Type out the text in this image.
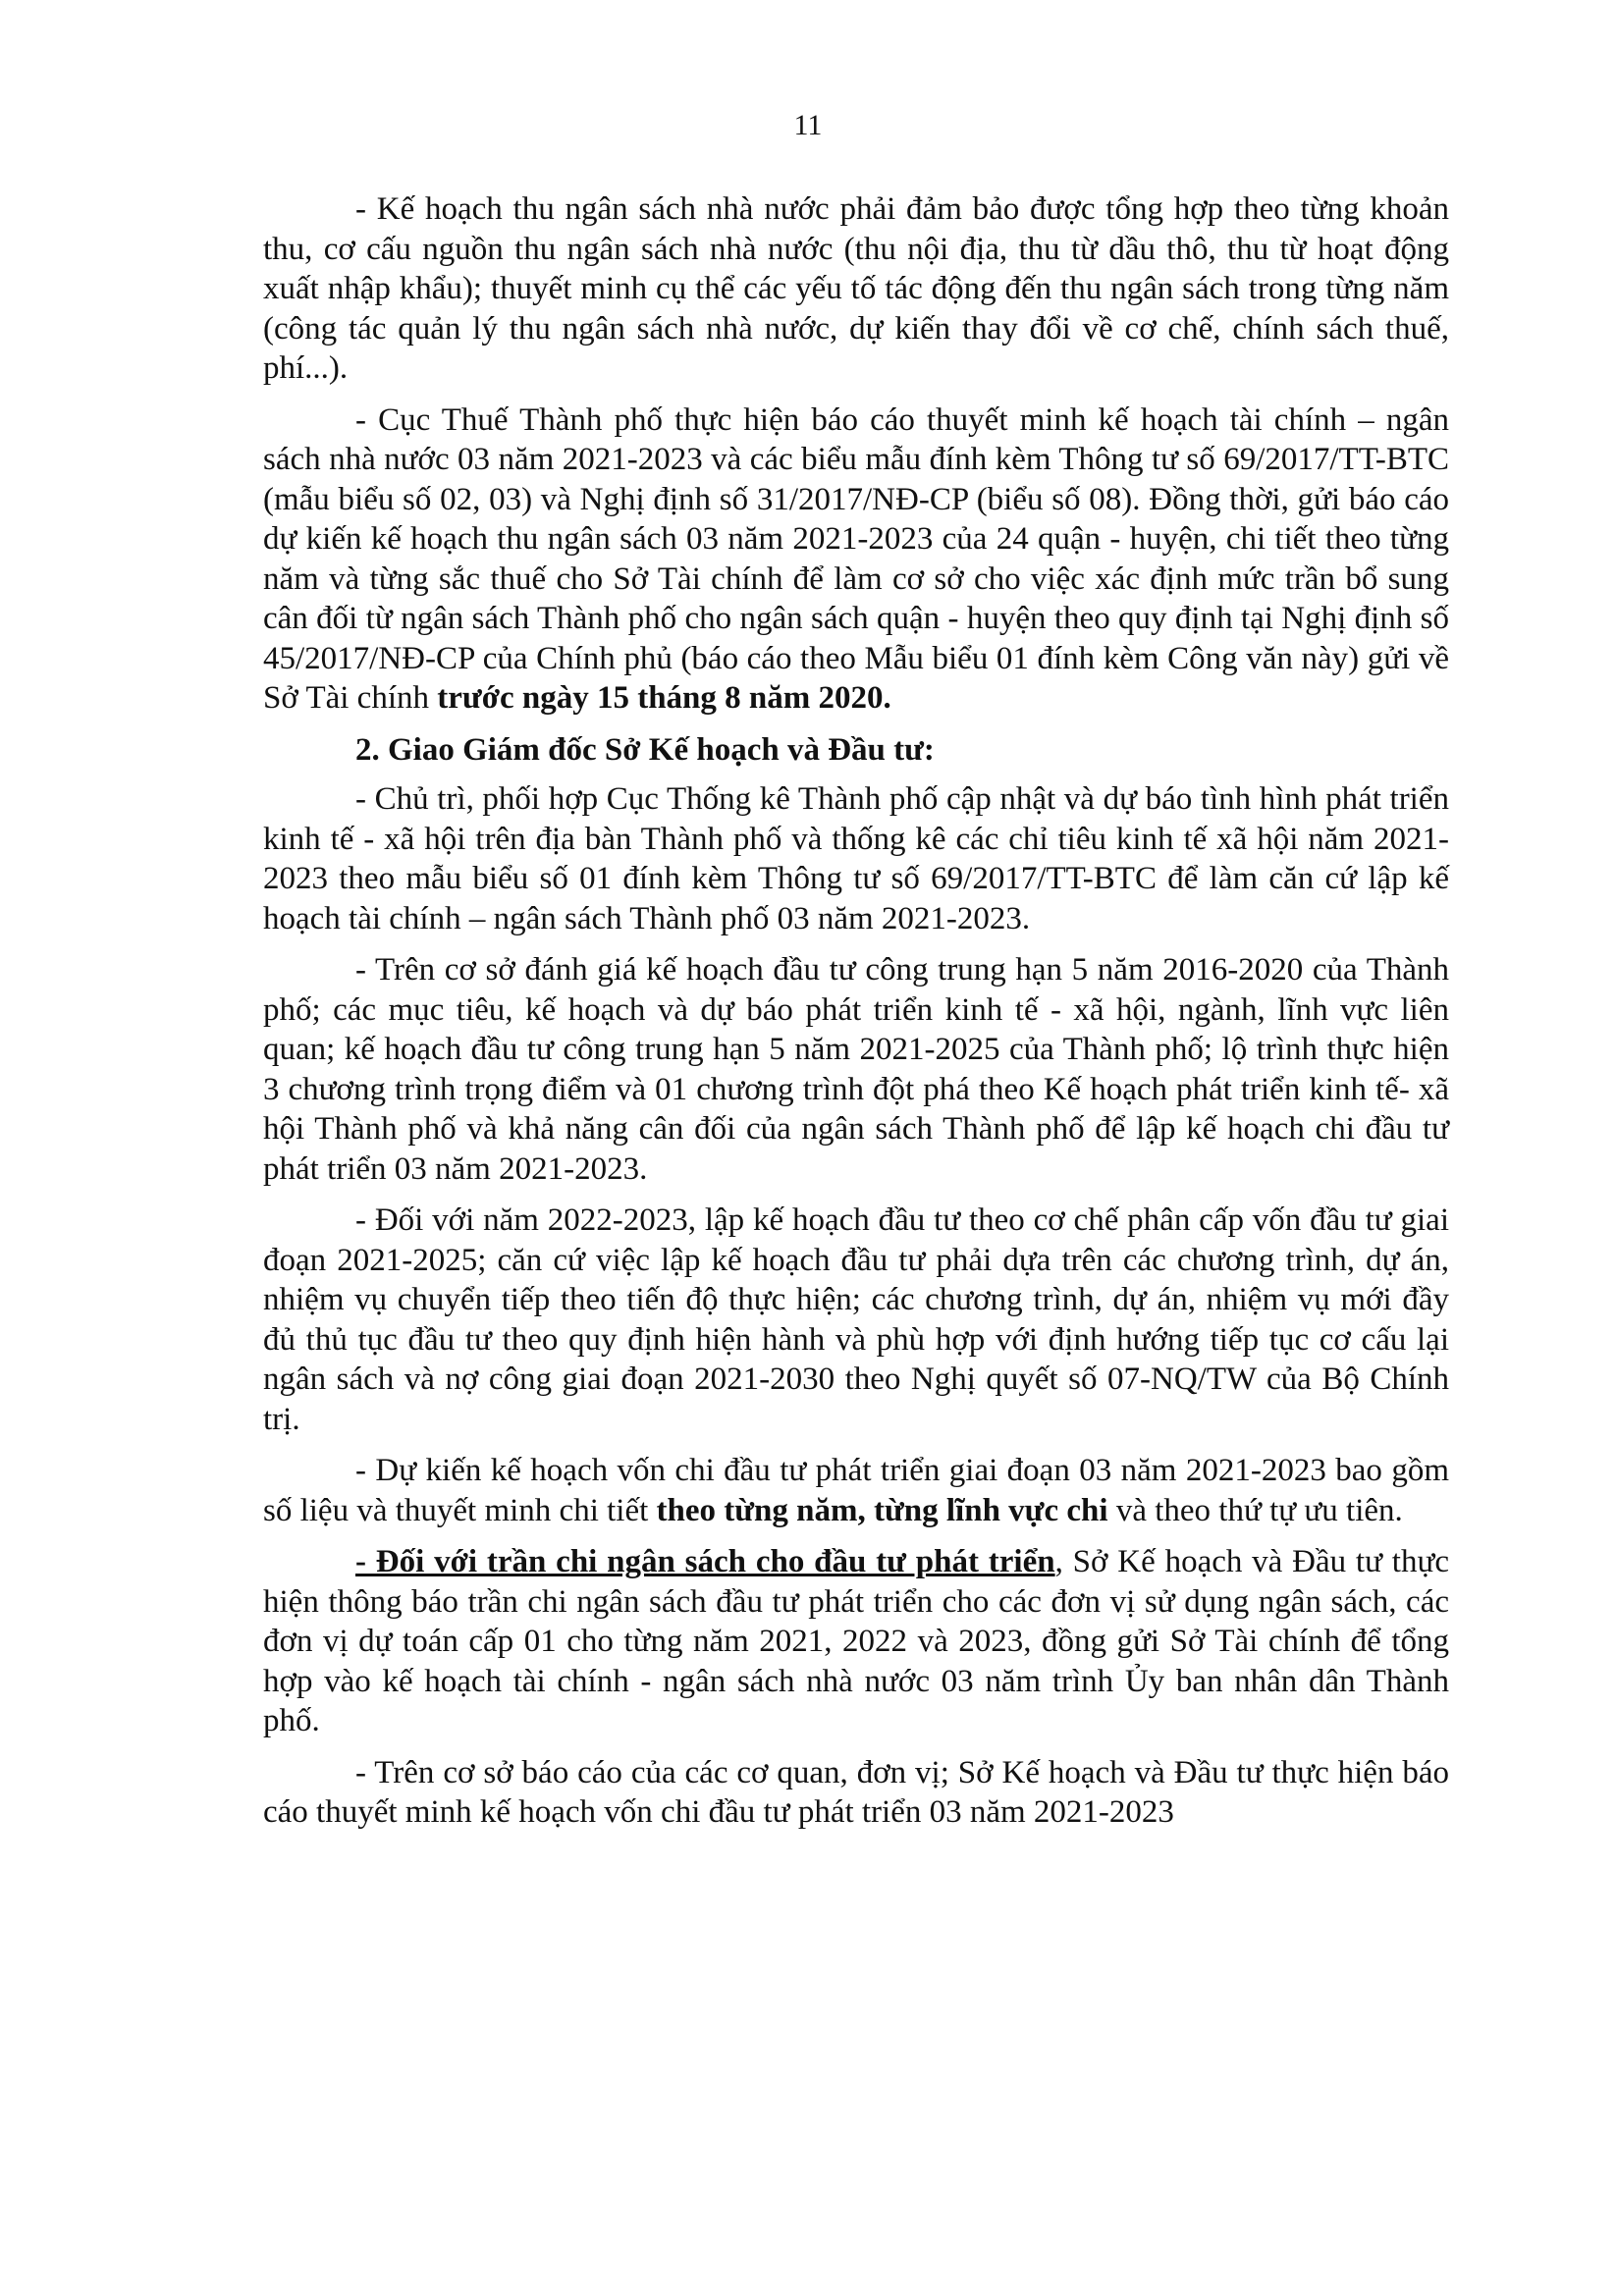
11

- Kế hoạch thu ngân sách nhà nước phải đảm bảo được tổng hợp theo từng khoản thu, cơ cấu nguồn thu ngân sách nhà nước (thu nội địa, thu từ dầu thô, thu từ hoạt động xuất nhập khẩu); thuyết minh cụ thể các yếu tố tác động đến thu ngân sách trong từng năm (công tác quản lý thu ngân sách nhà nước, dự kiến thay đổi về cơ chế, chính sách thuế, phí...).

- Cục Thuế Thành phố thực hiện báo cáo thuyết minh kế hoạch tài chính – ngân sách nhà nước 03 năm 2021-2023 và các biểu mẫu đính kèm Thông tư số 69/2017/TT-BTC (mẫu biểu số 02, 03) và Nghị định số 31/2017/NĐ-CP (biểu số 08). Đồng thời, gửi báo cáo dự kiến kế hoạch thu ngân sách 03 năm 2021-2023 của 24 quận - huyện, chi tiết theo từng năm và từng sắc thuế cho Sở Tài chính để làm cơ sở cho việc xác định mức trần bổ sung cân đối từ ngân sách Thành phố cho ngân sách quận - huyện theo quy định tại Nghị định số 45/2017/NĐ-CP của Chính phủ (báo cáo theo Mẫu biểu 01 đính kèm Công văn này) gửi về Sở Tài chính trước ngày 15 tháng 8 năm 2020.

2. Giao Giám đốc Sở Kế hoạch và Đầu tư:

- Chủ trì, phối hợp Cục Thống kê Thành phố cập nhật và dự báo tình hình phát triển kinh tế - xã hội trên địa bàn Thành phố và thống kê các chỉ tiêu kinh tế xã hội năm 2021-2023 theo mẫu biểu số 01 đính kèm Thông tư số 69/2017/TT-BTC để làm căn cứ lập kế hoạch tài chính – ngân sách Thành phố 03 năm 2021-2023.

- Trên cơ sở đánh giá kế hoạch đầu tư công trung hạn 5 năm 2016-2020 của Thành phố; các mục tiêu, kế hoạch và dự báo phát triển kinh tế - xã hội, ngành, lĩnh vực liên quan; kế hoạch đầu tư công trung hạn 5 năm 2021-2025 của Thành phố; lộ trình thực hiện 3 chương trình trọng điểm và 01 chương trình đột phá theo Kế hoạch phát triển kinh tế- xã hội Thành phố và khả năng cân đối của ngân sách Thành phố để lập kế hoạch chi đầu tư phát triển 03 năm 2021-2023.

- Đối với năm 2022-2023, lập kế hoạch đầu tư theo cơ chế phân cấp vốn đầu tư giai đoạn 2021-2025; căn cứ việc lập kế hoạch đầu tư phải dựa trên các chương trình, dự án, nhiệm vụ chuyển tiếp theo tiến độ thực hiện; các chương trình, dự án, nhiệm vụ mới đầy đủ thủ tục đầu tư theo quy định hiện hành và phù hợp với định hướng tiếp tục cơ cấu lại ngân sách và nợ công giai đoạn 2021-2030 theo Nghị quyết số 07-NQ/TW của Bộ Chính trị.

- Dự kiến kế hoạch vốn chi đầu tư phát triển giai đoạn 03 năm 2021-2023 bao gồm số liệu và thuyết minh chi tiết theo từng năm, từng lĩnh vực chi và theo thứ tự ưu tiên.

- Đối với trần chi ngân sách cho đầu tư phát triển, Sở Kế hoạch và Đầu tư thực hiện thông báo trần chi ngân sách đầu tư phát triển cho các đơn vị sử dụng ngân sách, các đơn vị dự toán cấp 01 cho từng năm 2021, 2022 và 2023, đồng gửi Sở Tài chính để tổng hợp vào kế hoạch tài chính - ngân sách nhà nước 03 năm trình Ủy ban nhân dân Thành phố.

- Trên cơ sở báo cáo của các cơ quan, đơn vị; Sở Kế hoạch và Đầu tư thực hiện báo cáo thuyết minh kế hoạch vốn chi đầu tư phát triển 03 năm 2021-2023
